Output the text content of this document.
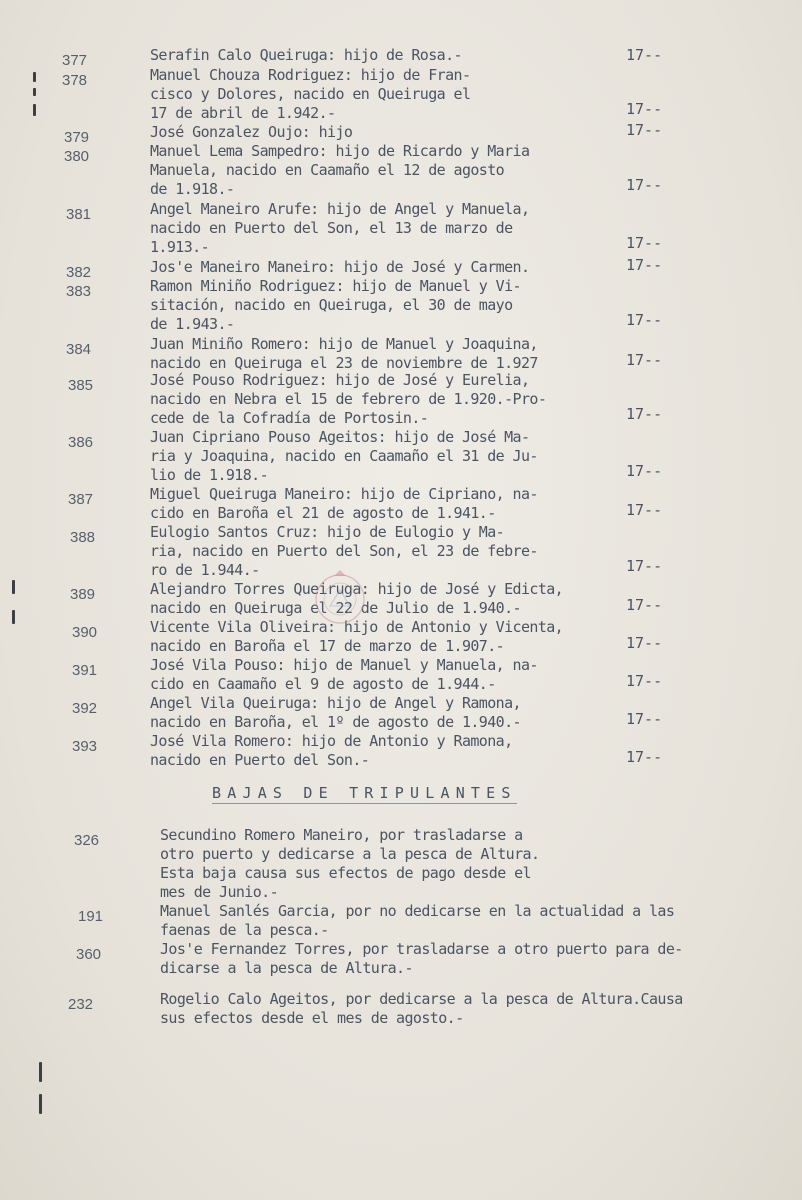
377	Serafin Calo Queiruga: hijo de Rosa.-	17--
378	Manuel Chouza Rodriguez: hijo de Fran-
cisco y Dolores, nacido en Queiruga el
17 de abril de 1.942.-	17--
379	José Gonzalez Oujo: hijo	17--
380	Manuel Lema Sampedro: hijo de Ricardo y Maria
Manuela, nacido en Caamaño el 12 de agosto
de 1.918.-	17--
381	Angel Maneiro Arufe: hijo de Angel y Manuela,
nacido en Puerto del Son, el 13 de marzo de
1.913.-	17--
382	Jos'e Maneiro Maneiro: hijo de José y Carmen.	17--
383	Ramon Miniño Rodriguez: hijo de Manuel y Vi-
sitación, nacido en Queiruga, el 30 de mayo
de 1.943.-	17--
384	Juan Miniño Romero: hijo de Manuel y Joaquina,
nacido en Queiruga el 23 de noviembre de 1.927	17--
385	José Pouso Rodriguez: hijo de José y Eurelia,
nacido en Nebra el 15 de febrero de 1.920.-Pro-
cede de la Cofradía de Portosin.-	17--
386	Juan Cipriano Pouso Ageitos: hijo de José Ma-
ria y Joaquina, nacido en Caamaño el 31 de Ju-
lio de 1.918.-	17--
387	Miguel Queiruga Maneiro: hijo de Cipriano, na-
cido en Baroña el 21 de agosto de 1.941.-	17--
388	Eulogio Santos Cruz: hijo de Eulogio y Ma-
ria, nacido en Puerto del Son, el 23 de febre-
ro de 1.944.-	17--
389	Alejandro Torres Queiruga: hijo de José y Edicta,
nacido en Queiruga el 22 de Julio de 1.940.-	17--
390	Vicente Vila Oliveira: hijo de Antonio y Vicenta,
nacido en Baroña el 17 de marzo de 1.907.-	17--
391	José Vila Pouso: hijo de Manuel y Manuela, na-
cido en Caamaño el 9 de agosto de 1.944.-	17--
392	Angel Vila Queiruga: hijo de Angel y Ramona,
nacido en Baroña, el 1º de agosto de 1.940.-	17--
393	José Vila Romero: hijo de Antonio y Ramona,
nacido en Puerto del Son.-	17--
BAJAS DE TRIPULANTES
326	Secundino Romero Maneiro, por trasladarse a
otro puerto y dedicarse a la pesca de Altura.
Esta baja causa sus efectos de pago desde el
mes de Junio.-
191	Manuel Sanlés Garcia, por no dedicarse en la actualidad a las
faenas de la pesca.-
360	Jos'e Fernandez Torres, por trasladarse a otro puerto para de-
dicarse a la pesca de Altura.-
232	Rogelio Calo Ageitos, por dedicarse a la pesca de Altura.Causa
sus efectos desde el mes de agosto.-
